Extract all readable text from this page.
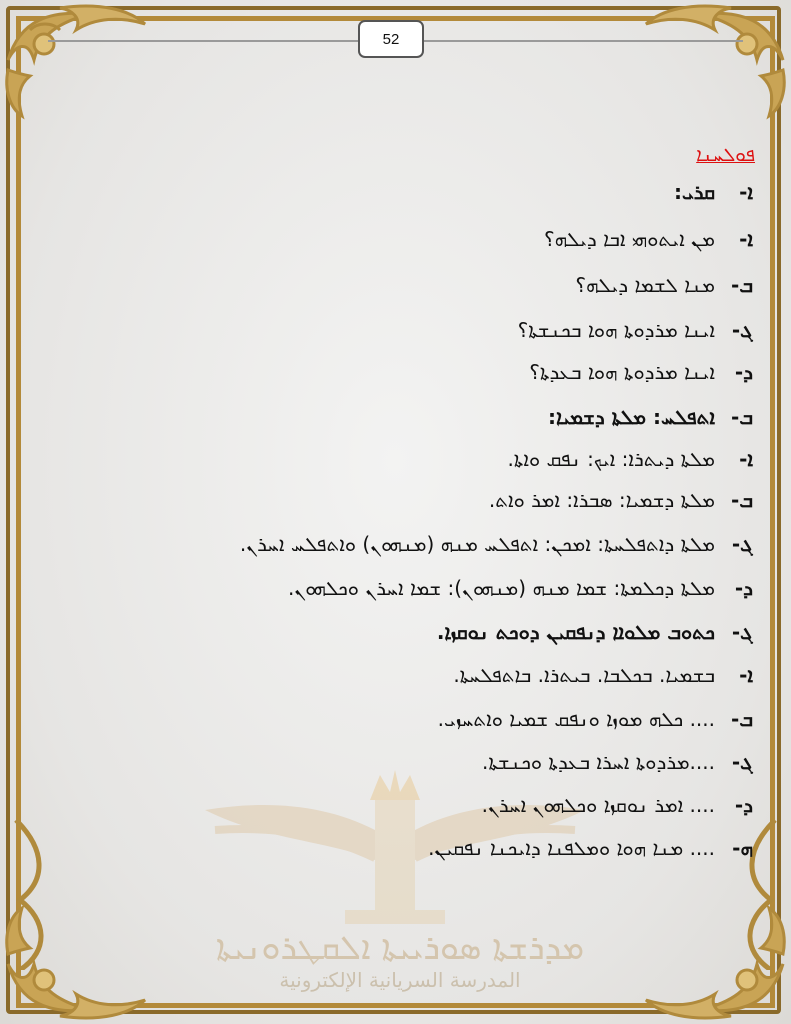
52
ܡܕܪܫܬܐ ܣܘܪܝܝܬܐ ܐܠܩܛܪܘܢܝܬܐ
المدرسة السريانية الإلكترونية
ܦܘܠܚܢܐ
ܐ-
ܩܪܝ:
ܐ-
ܡܢ ܐܝܬܘܗܝ ܐܒܐ ܕܝܠܗ؟
ܒ-
ܡܢܐ ܠܫܡܐ ܕܝܠܗ؟
ܓ-
ܐܝܢܐ ܡܪܕܘܬܐ ܗܘܐ ܒܟܢܫܬܐ؟
ܕ-
ܐܝܢܐ ܡܪܕܘܬܐ ܗܘܐ ܒܥܕܬܐ؟
ܒ-
ܐܬܦܠܚ: ܡܠܬܐ ܕܫܡܝܐ:
ܐ-
ܡܠܬܐ ܕܝܬܪܐ: ܐܝܟ: ܢܦܩ ܘܐܬܐ.
ܒ-
ܡܠܬܐ ܕܫܡܝܐ: ܣܒܪܐ: ܐܡܪ ܘܐܬ.
ܓ-
ܡܠܬܐ ܕܐܬܦܠܚܬܐ: ܐܡܟܢ: ܐܬܦܠܚ ܡܢܗ (ܡܢܗܘܢ) ܘܐܬܦܠܚ ܐܚܪܢ.
ܕ-
ܡܠܬܐ ܕܟܠܡܬܐ: ܫܡܐ ܡܢܗ (ܡܢܗܘܢ): ܫܡܐ ܐܚܪܢ ܘܟܠܗܘܢ.
ܓ-
ܟܬܘܒ ܡܠܘܐܐ ܕܢܦܩܝܢ ܕܘܟܬ ܢܘܩܙܐ.
ܐ-
ܒܫܡܝܐ. ܒܟܠܒܐ. ܒܝܬܪܐ. ܒܐܬܦܠܚܬܐ.
ܒ-
.... ܟܠܗ ܡܘܙܐ ܘܢܦܩ ܫܡܝܐ ܘܐܬܚܙܝ.
ܓ-
....ܡܪܕܘܬܐ ܐܚܪܐ ܒܥܕܬܐ ܘܟܢܫܬܐ.
ܕ-
.... ܐܡܪ ܢܘܩܙܐ ܘܟܠܗܘܢ ܐܚܪܢ.
ܗ-
.... ܡܢܐ ܗܘܐ ܘܡܠܦܢܐ ܕܐܝܟܢܐ ܢܦܩܝܢ.
